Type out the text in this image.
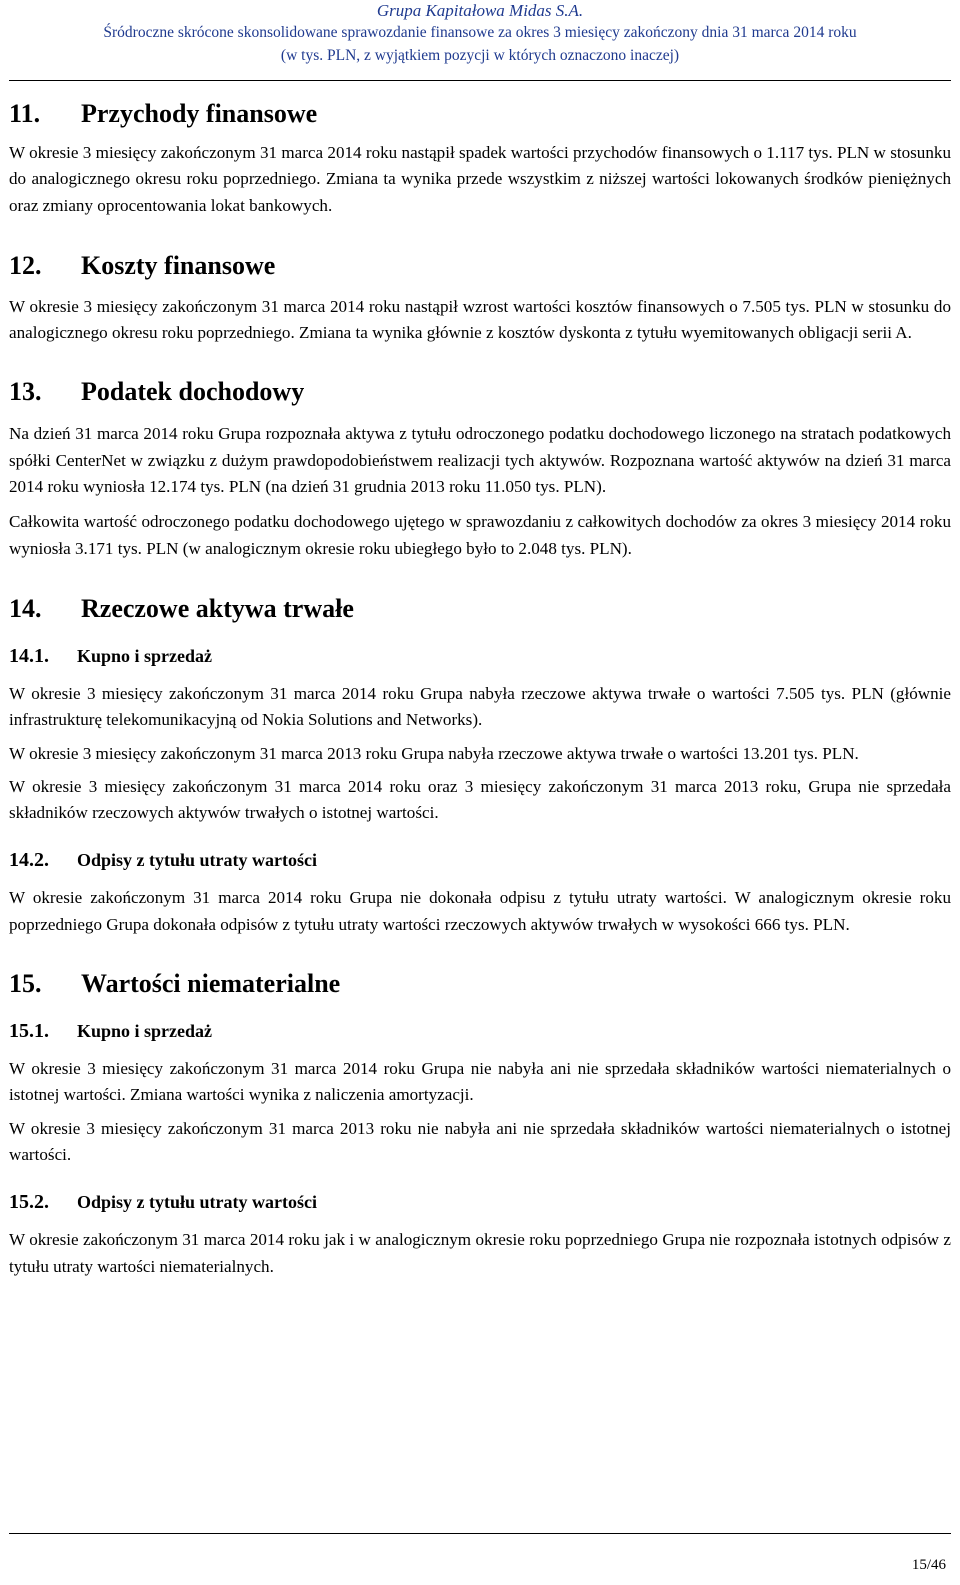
Grupa Kapitałowa Midas S.A.
Śródroczne skrócone skonsolidowane sprawozdanie finansowe za okres 3 miesięcy zakończony dnia 31 marca 2014 roku
(w tys. PLN, z wyjątkiem pozycji w których oznaczono inaczej)
11. Przychody finansowe

W okresie 3 miesięcy zakończonym 31 marca 2014 roku nastąpił spadek wartości przychodów finansowych o 1.117 tys. PLN w stosunku do analogicznego okresu roku poprzedniego. Zmiana ta wynika przede wszystkim z niższej wartości lokowanych środków pieniężnych oraz zmiany oprocentowania lokat bankowych.

12. Koszty finansowe

W okresie 3 miesięcy zakończonym 31 marca 2014 roku nastąpił wzrost wartości kosztów finansowych o 7.505 tys. PLN w stosunku do analogicznego okresu roku poprzedniego. Zmiana ta wynika głównie z kosztów dyskonta z tytułu wyemitowanych obligacji serii A.

13. Podatek dochodowy

Na dzień 31 marca 2014 roku Grupa rozpoznała aktywa z tytułu odroczonego podatku dochodowego liczonego na stratach podatkowych spółki CenterNet w związku z dużym prawdopodobieństwem realizacji tych aktywów. Rozpoznana wartość aktywów na dzień 31 marca 2014 roku wyniosła 12.174 tys. PLN (na dzień 31 grudnia 2013 roku 11.050 tys. PLN).

Całkowita wartość odroczonego podatku dochodowego ujętego w sprawozdaniu z całkowitych dochodów za okres 3 miesięcy 2014 roku wyniosła 3.171 tys. PLN (w analogicznym okresie roku ubiegłego było to 2.048 tys. PLN).

14. Rzeczowe aktywa trwałe
14.1. Kupno i sprzedaż

W okresie 3 miesięcy zakończonym 31 marca 2014 roku Grupa nabyła rzeczowe aktywa trwałe o wartości 7.505 tys. PLN (głównie infrastrukturę telekomunikacyjną od Nokia Solutions and Networks).

W okresie 3 miesięcy zakończonym 31 marca 2013 roku Grupa nabyła rzeczowe aktywa trwałe o wartości 13.201 tys. PLN.

W okresie 3 miesięcy zakończonym 31 marca 2014 roku oraz 3 miesięcy zakończonym 31 marca 2013 roku, Grupa nie sprzedała składników rzeczowych aktywów trwałych o istotnej wartości.

14.2. Odpisy z tytułu utraty wartości

W okresie zakończonym 31 marca 2014 roku Grupa nie dokonała odpisu z tytułu utraty wartości. W analogicznym okresie roku poprzedniego Grupa dokonała odpisów z tytułu utraty wartości rzeczowych aktywów trwałych w wysokości 666 tys. PLN.

15. Wartości niematerialne
15.1. Kupno i sprzedaż

W okresie 3 miesięcy zakończonym 31 marca 2014 roku Grupa nie nabyła ani nie sprzedała składników wartości niematerialnych o istotnej wartości. Zmiana wartości wynika z naliczenia amortyzacji.

W okresie 3 miesięcy zakończonym 31 marca 2013 roku nie nabyła ani nie sprzedała składników wartości niematerialnych o istotnej wartości.

15.2. Odpisy z tytułu utraty wartości

W okresie zakończonym 31 marca 2014 roku jak i w analogicznym okresie roku poprzedniego Grupa nie rozpoznała istotnych odpisów z tytułu utraty wartości niematerialnych.

15/46
